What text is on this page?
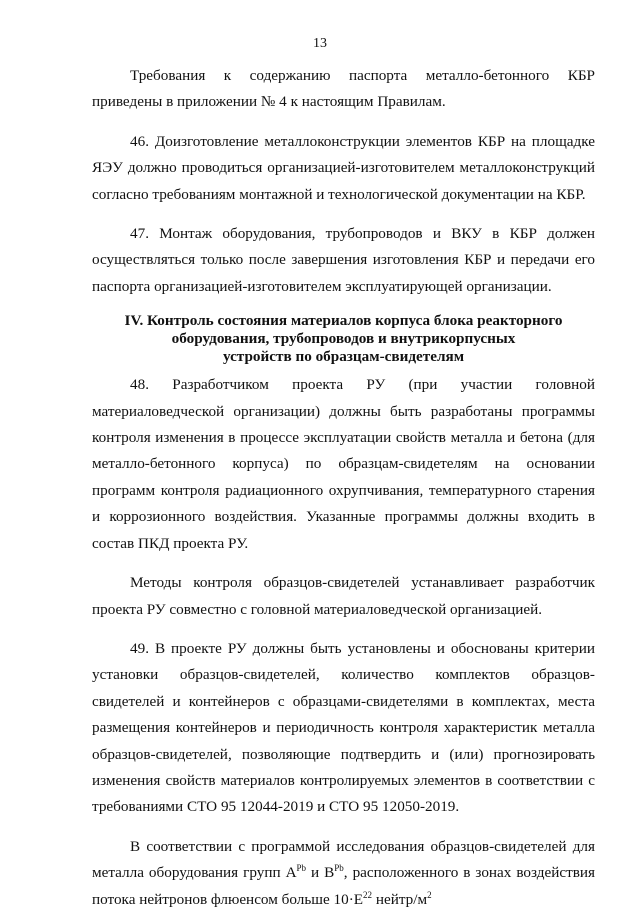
13

Требования к содержанию паспорта металло-бетонного КБР приведены в приложении № 4 к настоящим Правилам.

46. Доизготовление металлоконструкции элементов КБР на площадке ЯЭУ должно проводиться организацией-изготовителем металлоконструкций согласно требованиям монтажной и технологической документации на КБР.

47. Монтаж оборудования, трубопроводов и ВКУ в КБР должен осуществляться только после завершения изготовления КБР и передачи его паспорта организацией-изготовителем эксплуатирующей организации.

IV. Контроль состояния материалов корпуса блока реакторного
оборудования, трубопроводов и внутрикорпусных
устройств по образцам-свидетелям

48. Разработчиком проекта РУ (при участии головной материаловедческой организации) должны быть разработаны программы контроля изменения в процессе эксплуатации свойств металла и бетона (для металло-бетонного корпуса) по образцам-свидетелям на основании программ контроля радиационного охрупчивания, температурного старения и коррозионного воздействия. Указанные программы должны входить в состав ПКД проекта РУ.

Методы контроля образцов-свидетелей устанавливает разработчик проекта РУ совместно с головной материаловедческой организацией.

49. В проекте РУ должны быть установлены и обоснованы критерии установки образцов-свидетелей, количество комплектов образцов-свидетелей и контейнеров с образцами-свидетелями в комплектах, места размещения контейнеров и периодичность контроля характеристик металла образцов-свидетелей, позволяющие подтвердить и (или) прогнозировать изменения свойств материалов контролируемых элементов в соответствии с требованиями СТО 95 12044-2019 и СТО 95 12050-2019.

В соответствии с программой исследования образцов-свидетелей для металла оборудования групп $A^{Pb}$ и $B^{Pb}$, расположенного в зонах воздействия потока нейтронов флюенсом больше $10\cdot E^{22}$ нейтр/$м^2$
